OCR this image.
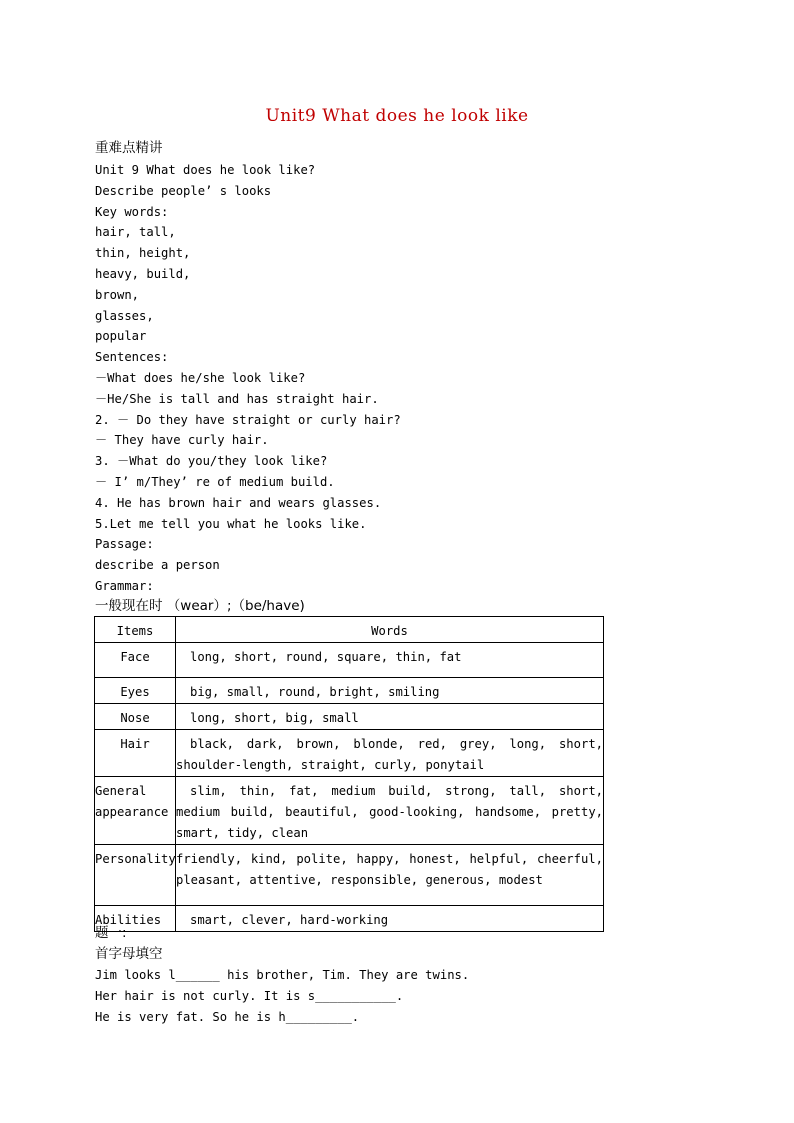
Unit9 What does he look like
重难点精讲
Unit 9 What does he look like?
Describe people’ s looks
Key words:
hair, tall,
thin, height,
heavy, build,
brown,
glasses,
popular
Sentences:
－What does he/she look like?
－He/She is tall and has straight hair.
2. － Do they have straight or curly hair?
－ They have curly hair.
3. －What do you/they look like?
－ I’ m/They’ re of medium build.
4. He has brown hair and wears glasses.
5.Let me tell you what he looks like.
Passage:
describe a person
Grammar:
一般现在时 （wear）;（be/have)
Items	Words
Face	long, short, round, square, thin, fat

Eyes	big, small, round, bright, smiling

Nose	long, short, big, small

Hair	black, dark, brown, blonde, red, grey, long, short, shoulder-length, straight, curly, ponytail
General appearance	slim, thin, fat, medium build, strong, tall, short, medium build, beautiful, good-looking, handsome, pretty, smart, tidy, clean
Personality	friendly, kind, polite, happy, honest, helpful, cheerful, pleasant, attentive, responsible, generous, modest
Abilities	smart, clever, hard-working
题一:
首字母填空
Jim looks l______ his brother, Tim. They are twins.
Her hair is not curly. It is s___________.
He is very fat. So he is h_________.
